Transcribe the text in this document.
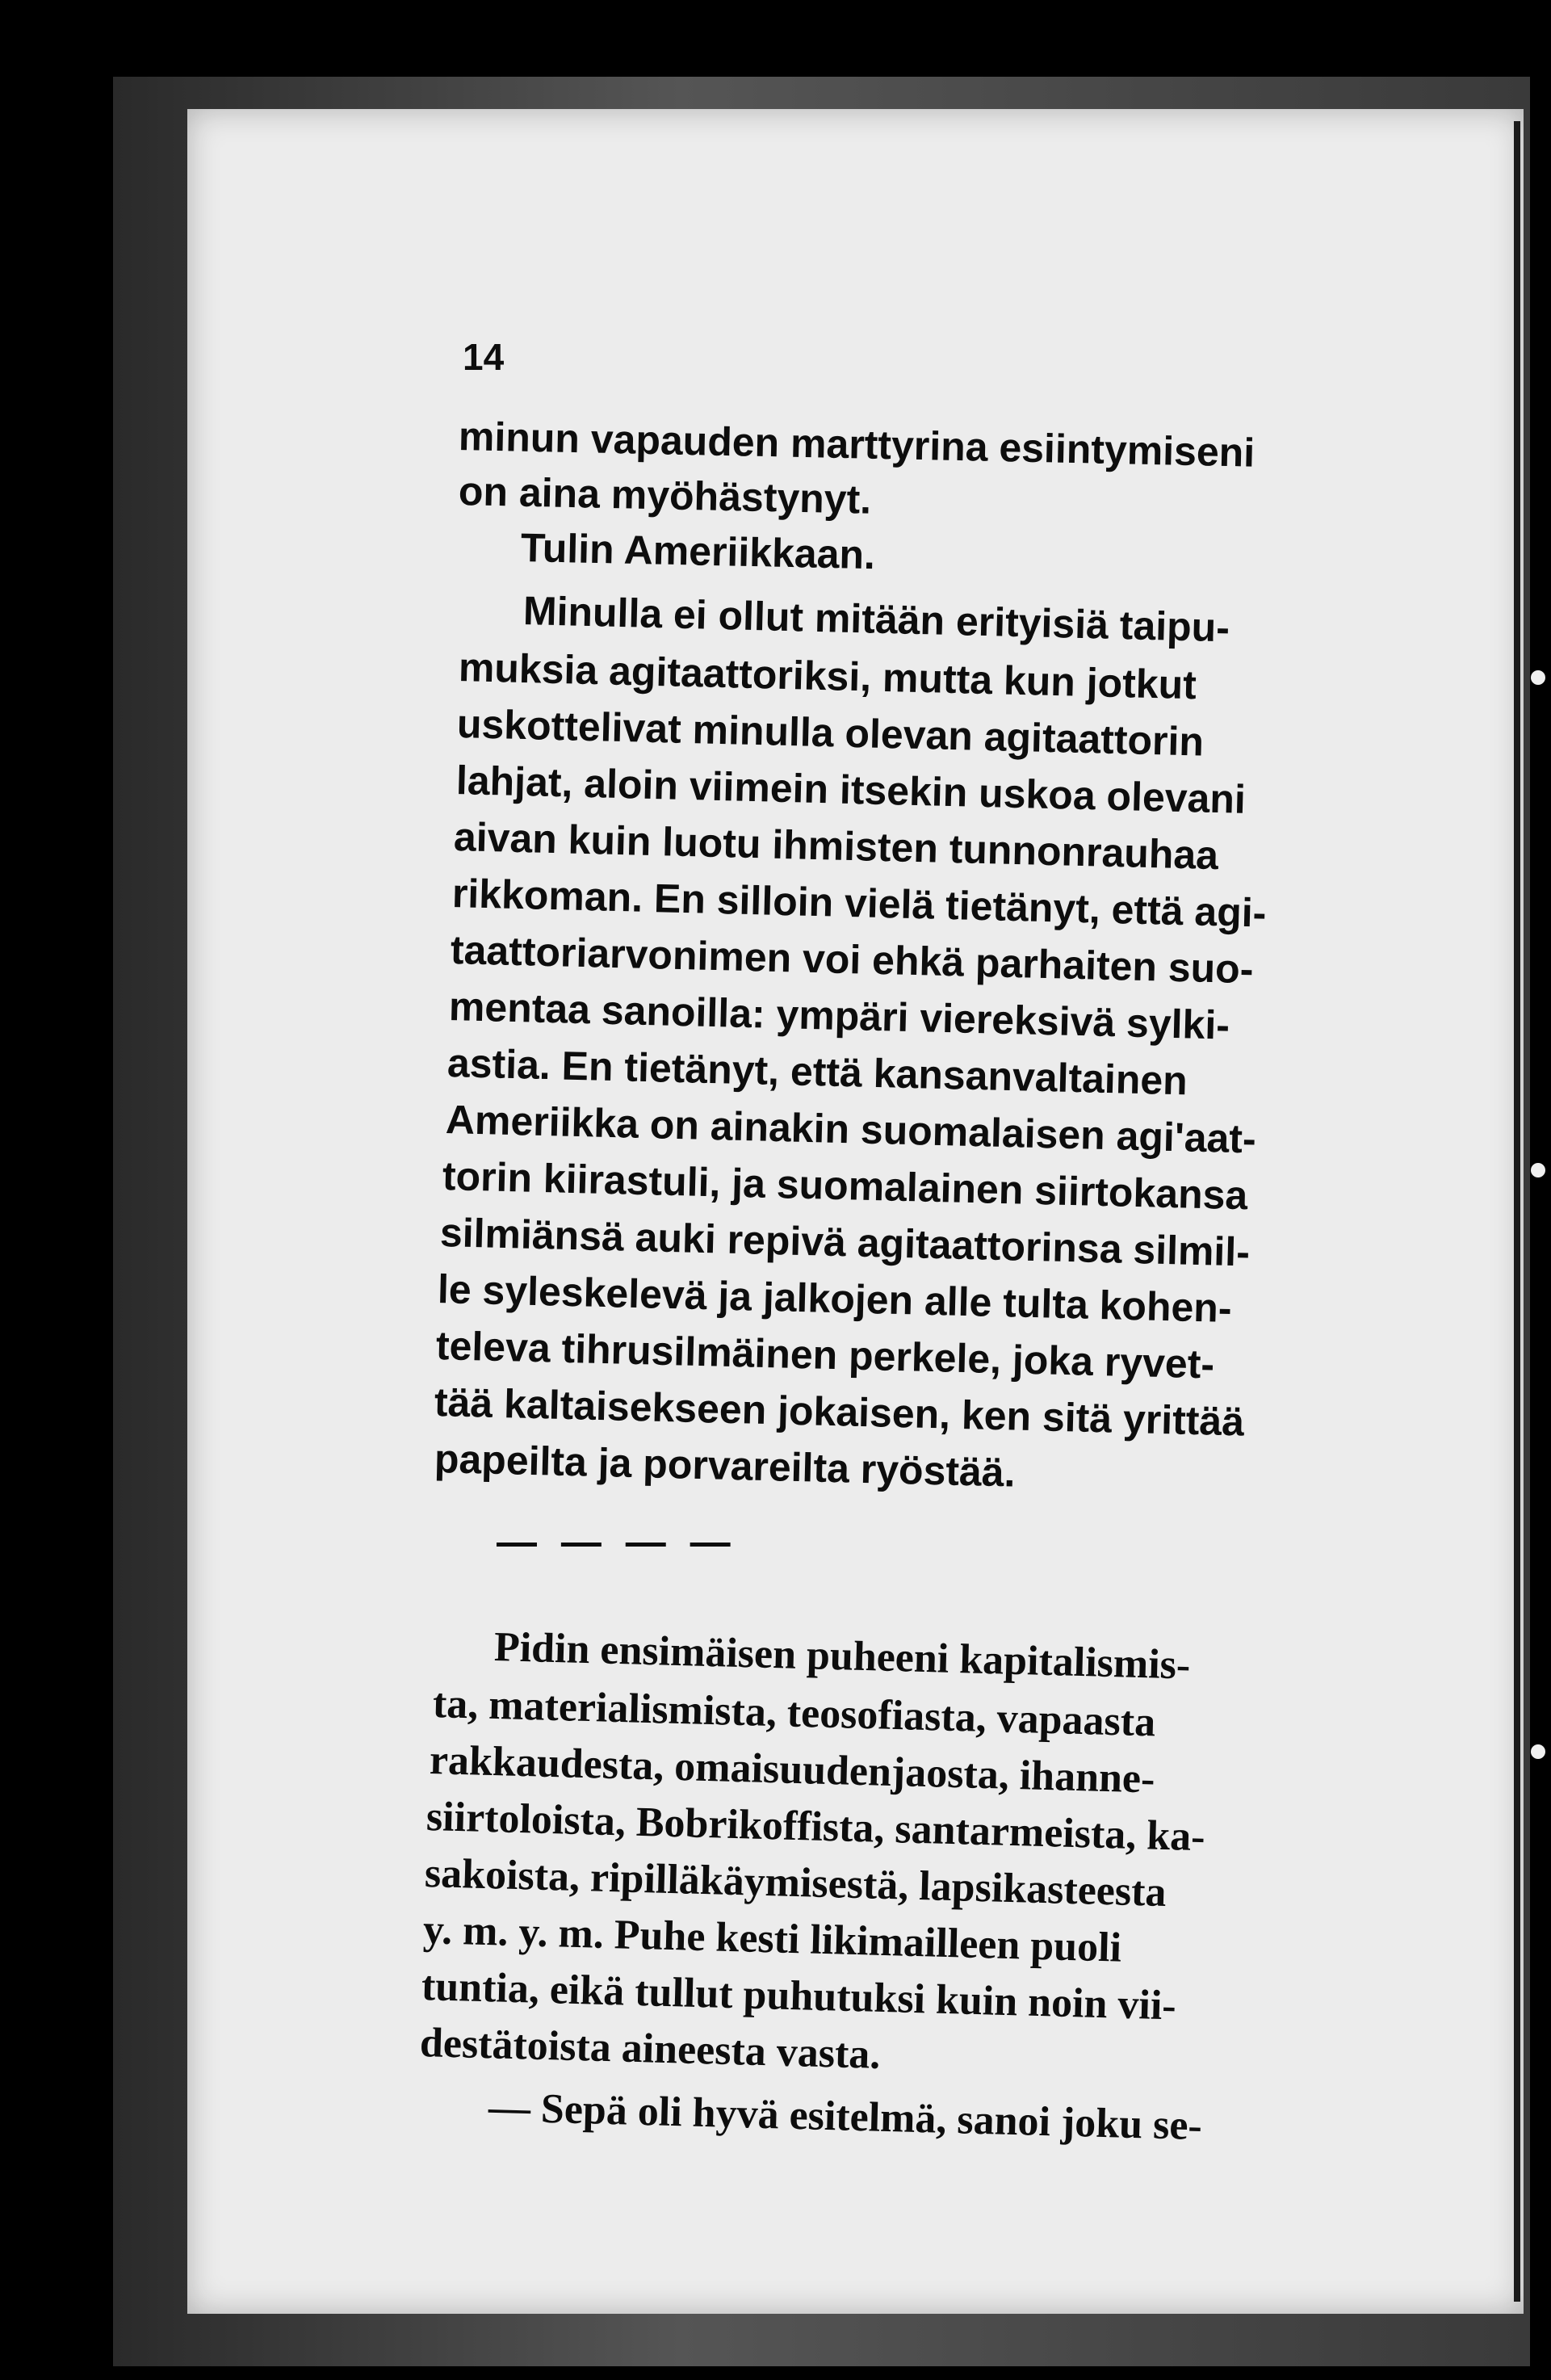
14
minun vapauden marttyrina esiintymiseni
on aina myöhästynyt.
Tulin Ameriikkaan.
Minulla ei ollut mitään erityisiä taipu-
muksia agitaattoriksi, mutta kun jotkut
uskottelivat minulla olevan agitaattorin
lahjat, aloin viimein itsekin uskoa olevani
aivan kuin luotu ihmisten tunnonrauhaa
rikkoman. En silloin vielä tietänyt, että agi-
taattoriarvonimen voi ehkä parhaiten suo-
mentaa sanoilla: ympäri viereksivä sylki-
astia. En tietänyt, että kansanvaltainen
Ameriikka on ainakin suomalaisen agi'aat-
torin kiirastuli, ja suomalainen siirtokansa
silmiänsä auki repivä agitaattorinsa silmil-
le syleskelevä ja jalkojen alle tulta kohen-
televa tihrusilmäinen perkele, joka ryvet-
tää kaltaisekseen jokaisen, ken sitä yrittää
papeilta ja porvareilta ryöstää.
— — — —
Pidin ensimäisen puheeni kapitalismis-
ta, materialismista, teosofiasta, vapaasta
rakkaudesta, omaisuudenjaosta, ihanne-
siirtoloista, Bobrikoffista, santarmeista, ka-
sakoista, ripilläkäymisestä, lapsikasteesta
y. m. y. m. Puhe kesti likimailleen puoli
tuntia, eikä tullut puhutuksi kuin noin vii-
destätoista aineesta vasta.
— Sepä oli hyvä esitelmä, sanoi joku se-
